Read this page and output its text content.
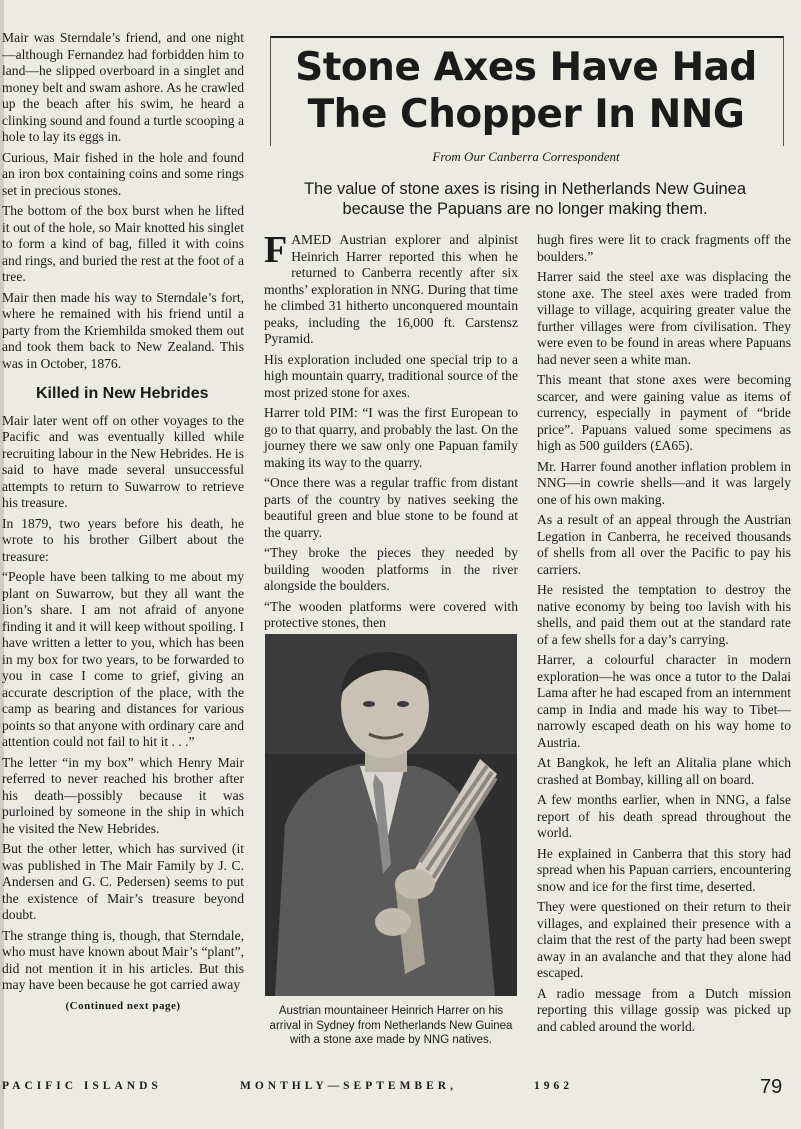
Mair was Sterndale’s friend, and one night—although Fernandez had forbidden him to land—he slipped overboard in a singlet and money belt and swam ashore. As he crawled up the beach after his swim, he heard a clinking sound and found a turtle scooping a hole to lay its eggs in.

Curious, Mair fished in the hole and found an iron box containing coins and some rings set in precious stones.

The bottom of the box burst when he lifted it out of the hole, so Mair knotted his singlet to form a kind of bag, filled it with coins and rings, and buried the rest at the foot of a tree.

Mair then made his way to Sterndale’s fort, where he remained with his friend until a party from the Kriemhilda smoked them out and took them back to New Zealand. This was in October, 1876.

Killed in New Hebrides

Mair later went off on other voyages to the Pacific and was eventually killed while recruiting labour in the New Hebrides. He is said to have made several unsuccessful attempts to return to Suwarrow to retrieve his treasure.

In 1879, two years before his death, he wrote to his brother Gilbert about the treasure:

“People have been talking to me about my plant on Suwarrow, but they all want the lion’s share. I am not afraid of anyone finding it and it will keep without spoiling. I have written a letter to you, which has been in my box for two years, to be forwarded to you in case I come to grief, giving an accurate description of the place, with the camp as bearing and distances for various points so that anyone with ordinary care and attention could not fail to hit it . . .”

The letter “in my box” which Henry Mair referred to never reached his brother after his death—possibly because it was purloined by someone in the ship in which he visited the New Hebrides.

But the other letter, which has survived (it was published in The Mair Family by J. C. Andersen and G. C. Pedersen) seems to put the existence of Mair’s treasure beyond doubt.

The strange thing is, though, that Sterndale, who must have known about Mair’s “plant”, did not mention it in his articles. But this may have been because he got carried away

(Continued next page)
Stone Axes Have Had The Chopper In NNG
From Our Canberra Correspondent
The value of stone axes is rising in Netherlands New Guinea because the Papuans are no longer making them.

FAMED Austrian explorer and alpinist Heinrich Harrer reported this when he returned to Canberra recently after six months’ exploration in NNG. During that time he climbed 31 hitherto unconquered mountain peaks, including the 16,000 ft. Carstensz Pyramid.

His exploration included one special trip to a high mountain quarry, traditional source of the most prized stone for axes.

Harrer told PIM: “I was the first European to go to that quarry, and probably the last. On the journey there we saw only one Papuan family making its way to the quarry.

“Once there was a regular traffic from distant parts of the country by natives seeking the beautiful green and blue stone to be found at the quarry.

“They broke the pieces they needed by building wooden platforms in the river alongside the boulders.

“The wooden platforms were covered with protective stones, then

Austrian mountaineer Heinrich Harrer on his arrival in Sydney from Netherlands New Guinea with a stone axe made by NNG natives.

hugh fires were lit to crack fragments off the boulders.”

Harrer said the steel axe was displacing the stone axe. The steel axes were traded from village to village, acquiring greater value the further villages were from civilisation. They were even to be found in areas where Papuans had never seen a white man.

This meant that stone axes were becoming scarcer, and were gaining value as items of currency, especially in payment of “bride price”. Papuans valued some specimens as high as 500 guilders (£A65).

Mr. Harrer found another inflation problem in NNG—in cowrie shells—and it was largely one of his own making.

As a result of an appeal through the Austrian Legation in Canberra, he received thousands of shells from all over the Pacific to pay his carriers.

He resisted the temptation to destroy the native economy by being too lavish with his shells, and paid them out at the standard rate of a few shells for a day’s carrying.

Harrer, a colourful character in modern exploration—he was once a tutor to the Dalai Lama after he had escaped from an internment camp in India and made his way to Tibet—narrowly escaped death on his way home to Austria.

At Bangkok, he left an Alitalia plane which crashed at Bombay, killing all on board.

A few months earlier, when in NNG, a false report of his death spread throughout the world.

He explained in Canberra that this story had spread when his Papuan carriers, encountering snow and ice for the first time, deserted.

They were questioned on their return to their villages, and explained their presence with a claim that the rest of the party had been swept away in an avalanche and that they alone had escaped.

A radio message from a Dutch mission reporting this village gossip was picked up and cabled around the world.

PACIFIC ISLANDS	MONTHLY—SEPTEMBER,	1962	79
